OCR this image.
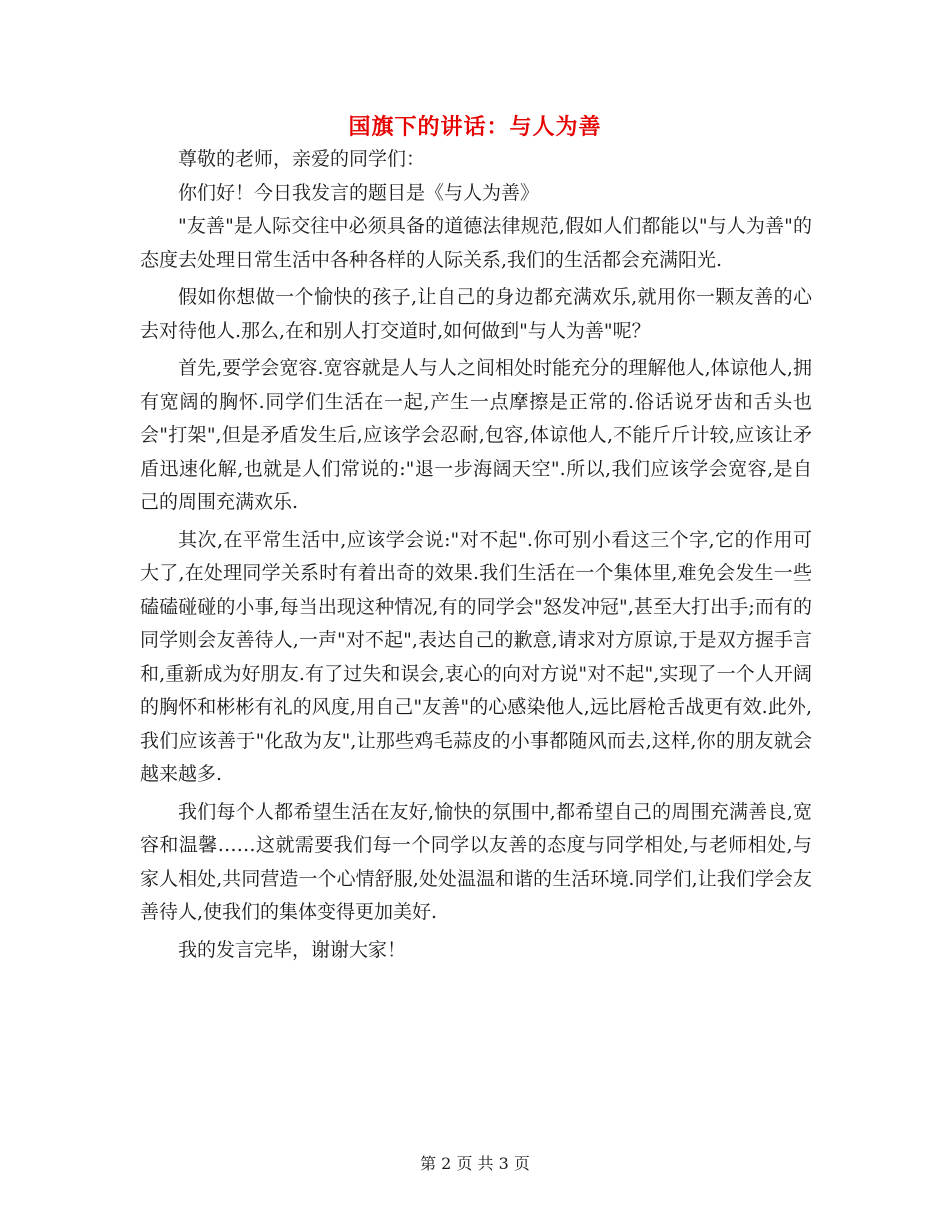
国旗下的讲话：与人为善

尊敬的老师，亲爱的同学们：

你们好！今日我发言的题目是《与人为善》

"友善"是人际交往中必须具备的道德法律规范,假如人们都能以"与人为善"的态度去处理日常生活中各种各样的人际关系,我们的生活都会充满阳光.

假如你想做一个愉快的孩子,让自己的身边都充满欢乐,就用你一颗友善的心去对待他人.那么,在和别人打交道时,如何做到"与人为善"呢？

首先,要学会宽容.宽容就是人与人之间相处时能充分的理解他人,体谅他人,拥有宽阔的胸怀.同学们生活在一起,产生一点摩擦是正常的.俗话说牙齿和舌头也会"打架",但是矛盾发生后,应该学会忍耐,包容,体谅他人,不能斤斤计较,应该让矛盾迅速化解,也就是人们常说的:"退一步海阔天空".所以,我们应该学会宽容,是自己的周围充满欢乐.

其次,在平常生活中,应该学会说:"对不起".你可别小看这三个字,它的作用可大了,在处理同学关系时有着出奇的效果.我们生活在一个集体里,难免会发生一些磕磕碰碰的小事,每当出现这种情况,有的同学会"怒发冲冠",甚至大打出手;而有的同学则会友善待人,一声"对不起",表达自己的歉意,请求对方原谅,于是双方握手言和,重新成为好朋友.有了过失和误会,衷心的向对方说"对不起",实现了一个人开阔的胸怀和彬彬有礼的风度,用自己"友善"的心感染他人,远比唇枪舌战更有效.此外,我们应该善于"化敌为友",让那些鸡毛蒜皮的小事都随风而去,这样,你的朋友就会越来越多.

我们每个人都希望生活在友好,愉快的氛围中,都希望自己的周围充满善良,宽容和温馨……这就需要我们每一个同学以友善的态度与同学相处,与老师相处,与家人相处,共同营造一个心情舒服,处处温温和谐的生活环境.同学们,让我们学会友善待人,使我们的集体变得更加美好.

我的发言完毕，谢谢大家！

第 2 页 共 3 页
